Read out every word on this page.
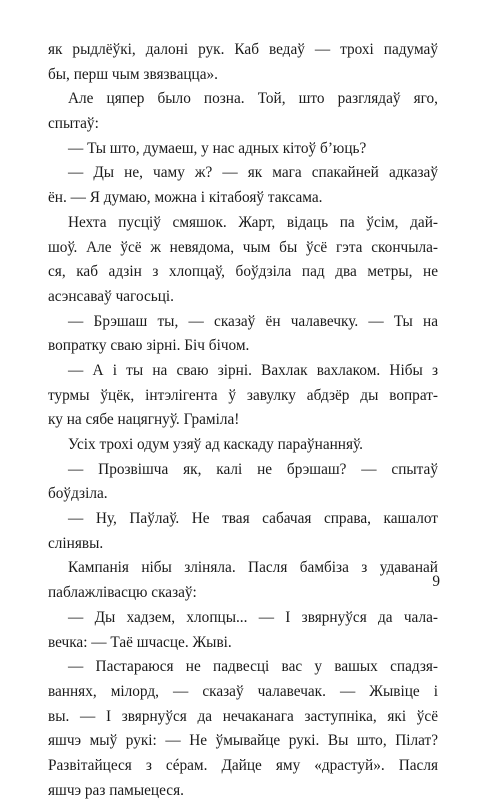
як рыдлёўкі, далоні рук. Каб ведаў — трохі падумаў
бы, перш чым звязвацца».
Але цяпер было позна. Той, што разглядаў яго,
спытаў:
— Ты што, думаеш, у нас адных кітоў б’юць?
— Ды не, чаму ж? — як мага спакайней адказаў
ён. — Я думаю, можна і кітабояў таксама.
Нехта пусціў смяшок. Жарт, відаць па ўсім, дай-
шоў. Але ўсё ж невядома, чым бы ўсё гэта скончыла-
ся, каб адзін з хлопцаў, боўдзіла пад два метры, не
асэнсаваў чагосьці.
— Брэшаш ты, — сказаў ён чалавечку. — Ты на
вопратку сваю зірні. Біч бічом.
— А і ты на сваю зірні. Вахлак вахлаком. Нібы з
турмы ўцёк, інтэлігента ў завулку абдзёр ды вопрат-
ку на сябе нацягнуў. Граміла!
Усіх трохі одум узяў ад каскаду параўнанняў.
— Прозвішча як, калі не брэшаш? — спытаў
боўдзіла.
— Ну, Паўлаў. Не твая сабачая справа, кашалот
слінявы.
Кампанія нібы зліняла. Пасля бамбіза з удаванай
паблажлівасцю сказаў:
— Ды хадзем, хлопцы... — І звярнуўся да чала-
вечка: — Таё шчасце. Жыві.
— Пастараюся не падвесці вас у вашых спадзя-
ваннях, мілорд, — сказаў чалавечак. — Жывіце і
вы. — І звярнуўся да нечаканага заступніка, які ўсё
яшчэ мыў рукі: — Не ўмывайце рукі. Вы што, Пілат?
Развітайцеся з сéрам. Дайце яму «драстуй». Пасля
яшчэ раз памыецеся.
9
